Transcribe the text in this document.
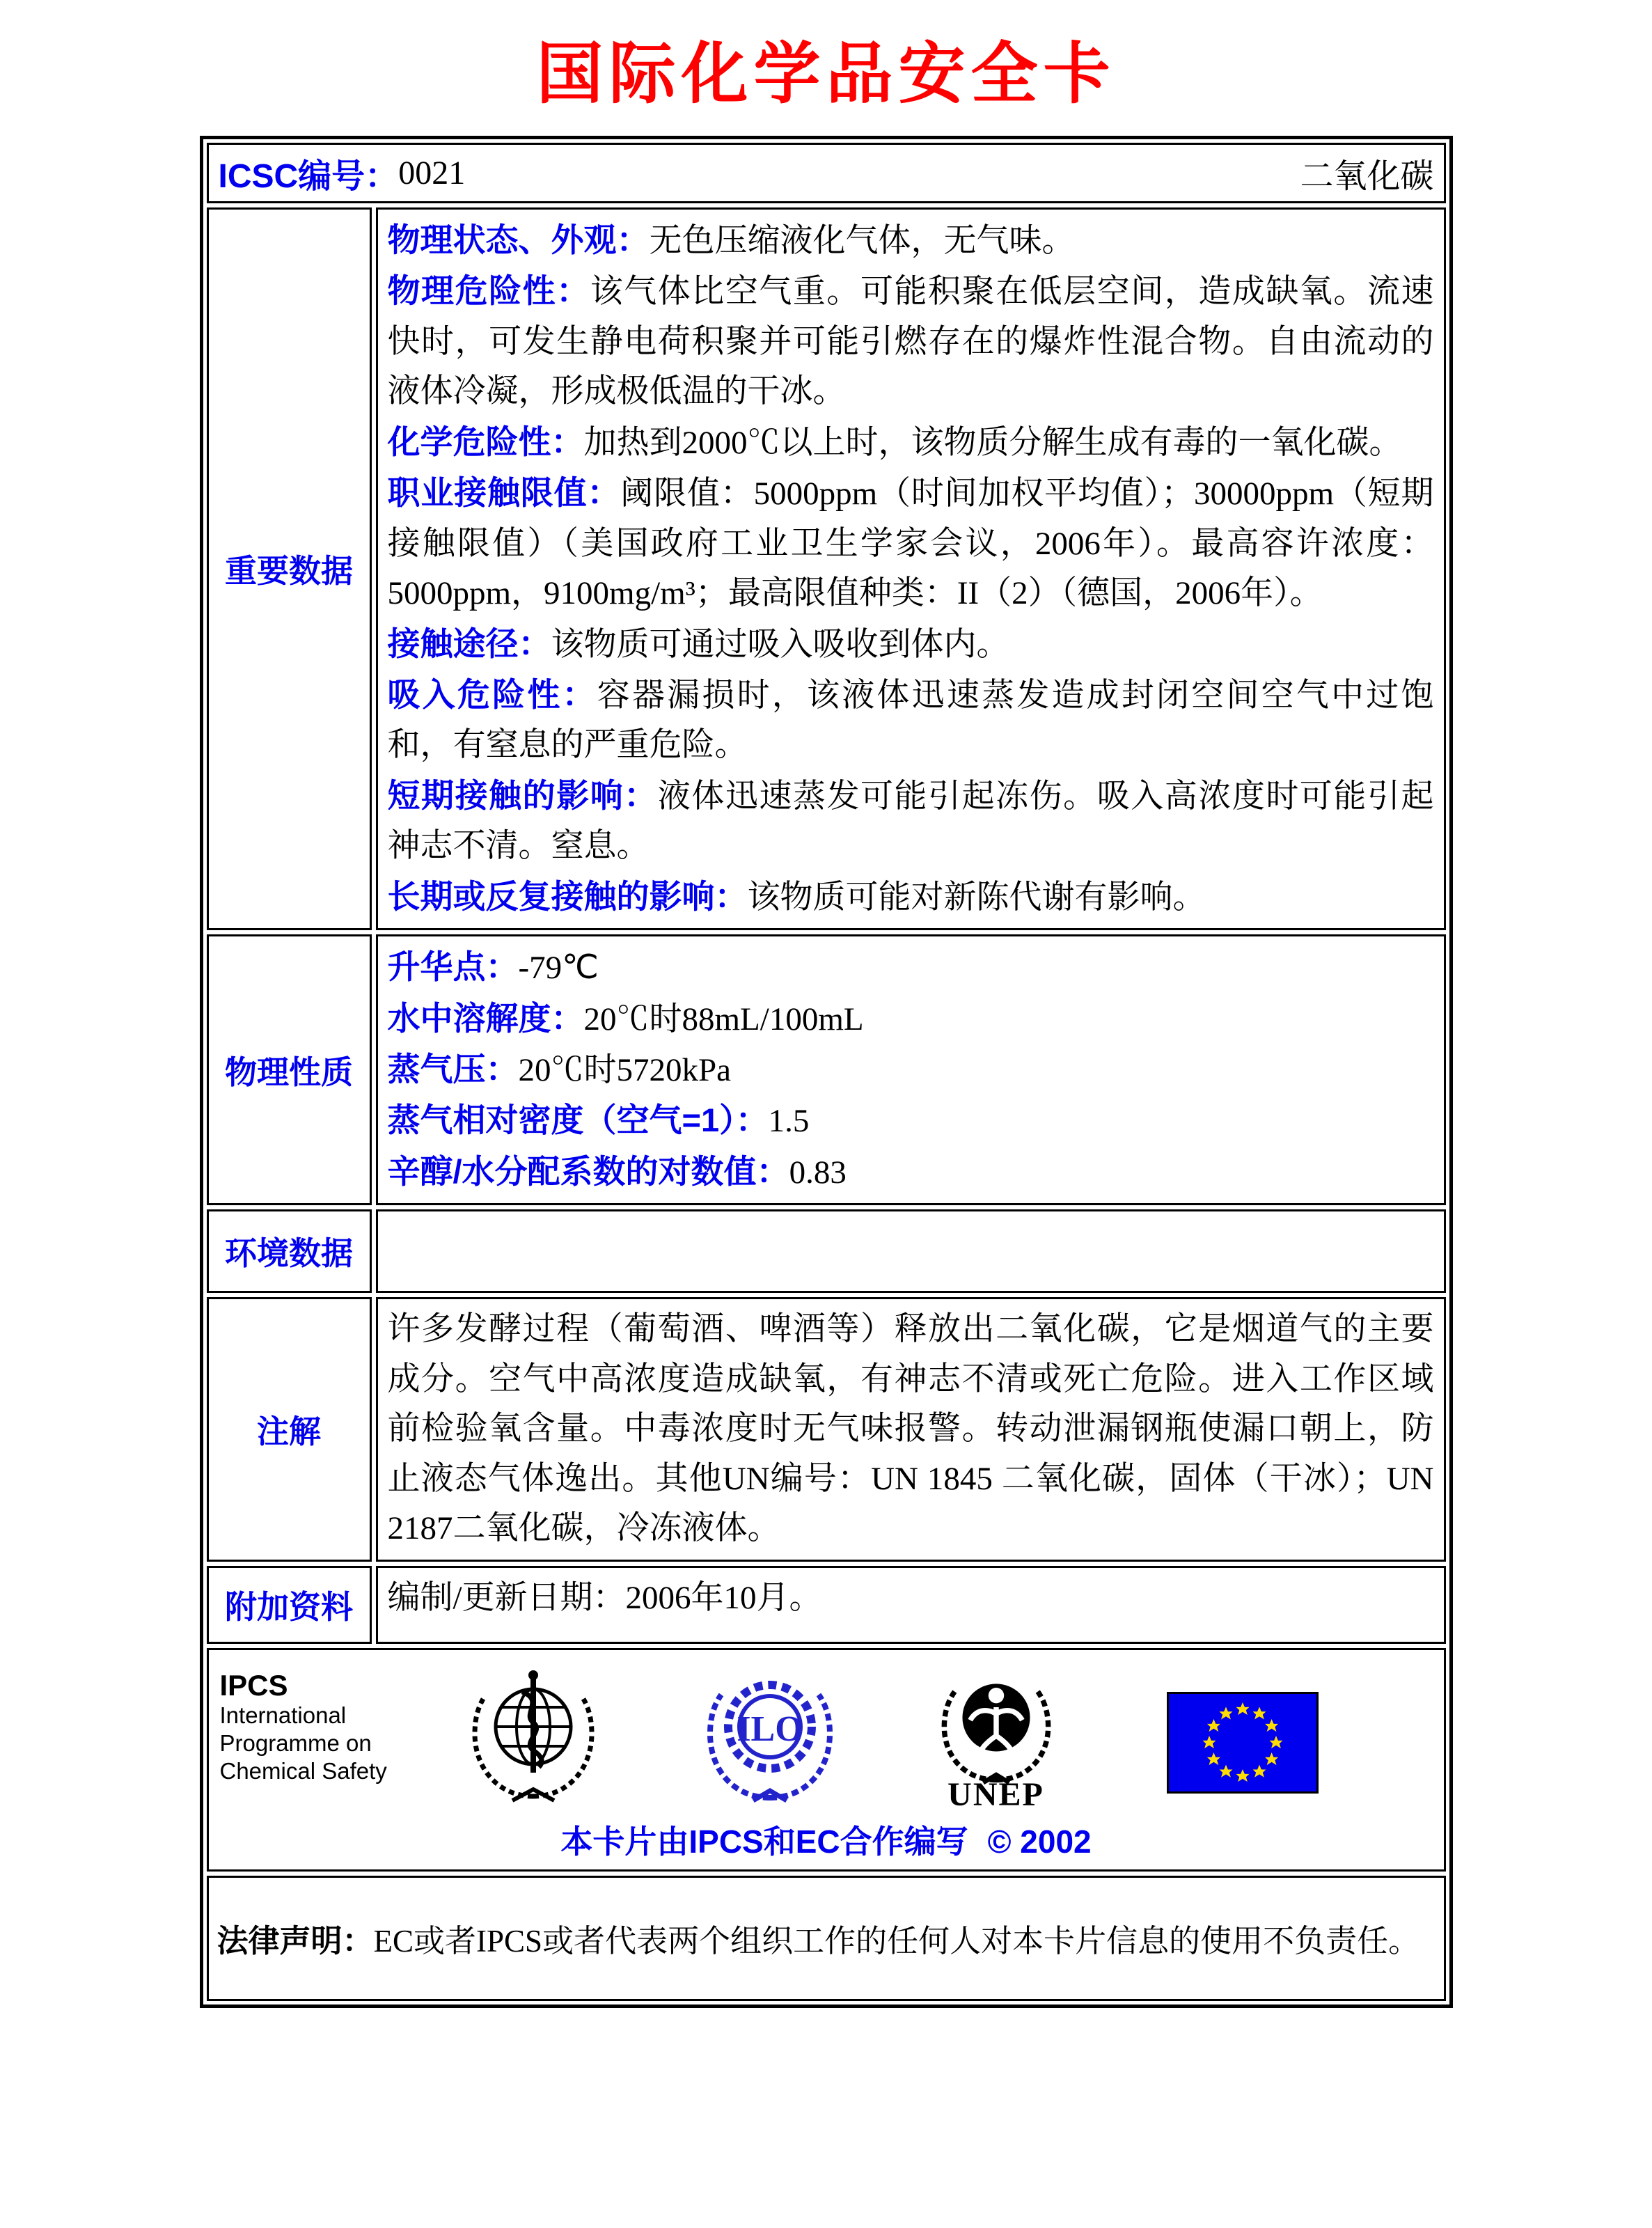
国际化学品安全卡
ICSC编号： 0021	二氧化碳
重要数据

物理状态、外观：无色压缩液化气体，无气味。

物理危险性：该气体比空气重。可能积聚在低层空间，造成缺氧。流速快时，可发生静电荷积聚并可能引燃存在的爆炸性混合物。自由流动的液体冷凝，形成极低温的干冰。

化学危险性：加热到2000℃以上时，该物质分解生成有毒的一氧化碳。

职业接触限值：阈限值：5000ppm（时间加权平均值）；30000ppm（短期接触限值）（美国政府工业卫生学家会议，2006年）。最高容许浓度：5000ppm，9100mg/m³；最高限值种类：II（2）（德国，2006年）。

接触途径：该物质可通过吸入吸收到体内。

吸入危险性：容器漏损时，该液体迅速蒸发造成封闭空间空气中过饱和，有窒息的严重危险。

短期接触的影响：液体迅速蒸发可能引起冻伤。吸入高浓度时可能引起神志不清。窒息。

长期或反复接触的影响：该物质可能对新陈代谢有影响。

物理性质

升华点：-79℃

水中溶解度：20℃时88mL/100mL

蒸气压：20℃时5720kPa

蒸气相对密度（空气=1）：1.5

辛醇/水分配系数的对数值：0.83

环境数据
注解

许多发酵过程（葡萄酒、啤酒等）释放出二氧化碳，它是烟道气的主要成分。空气中高浓度造成缺氧，有神志不清或死亡危险。进入工作区域前检验氧含量。中毒浓度时无气味报警。转动泄漏钢瓶使漏口朝上，防止液态气体逸出。其他UN编号：UN 1845 二氧化碳，固体（干冰）；UN 2187二氧化碳，冷冻液体。

附加资料	编制/更新日期：2006年10月。

IPCS
International
Programme on
Chemical Safety
ILO
UNEP
本卡片由IPCS和EC合作编写 © 2002
法律声明：EC或者IPCS或者代表两个组织工作的任何人对本卡片信息的使用不负责任。
